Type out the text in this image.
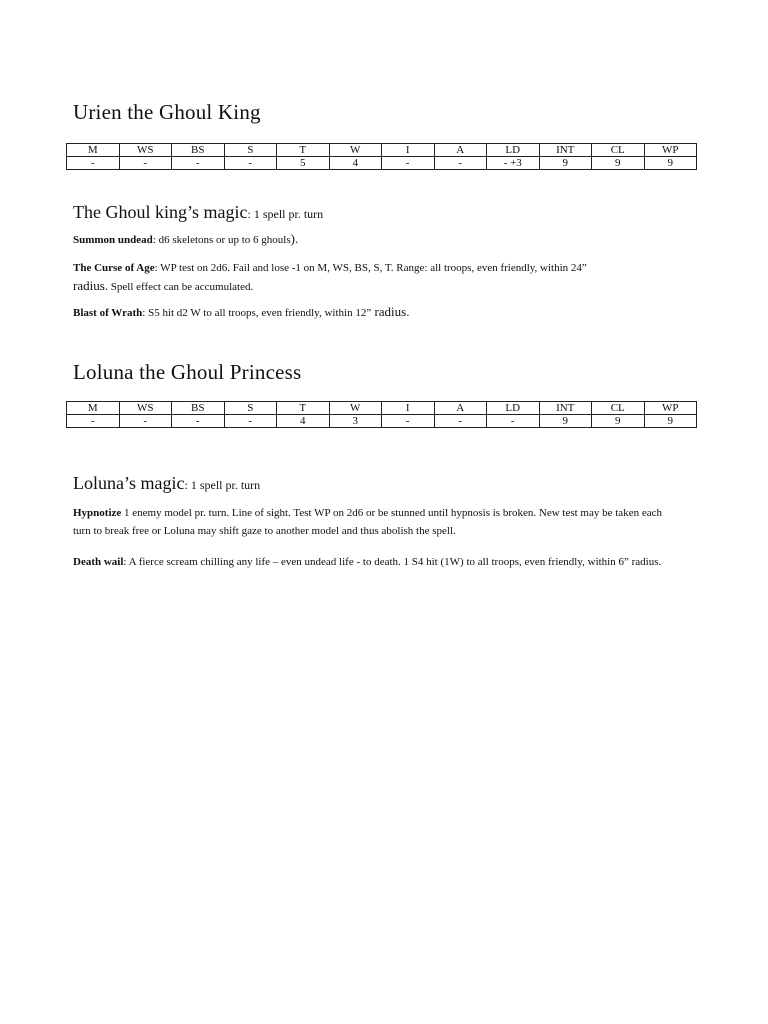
Urien the Ghoul King
M	WS	BS	S	T	W	I	A	LD	INT	CL	WP
-	-	-	-	5	4	-	-	- +3	9	9	9
The Ghoul king’s magic: 1 spell pr. turn

Summon undead: d6 skeletons or up to 6 ghouls).

The Curse of Age: WP test on 2d6. Fail and lose -1 on M, WS, BS, S, T. Range: all troops, even friendly, within 24”
radius. Spell effect can be accumulated.

Blast of Wrath: S5 hit d2 W to all troops, even friendly, within 12” radius.

Loluna the Ghoul Princess
M	WS	BS	S	T	W	I	A	LD	INT	CL	WP
-	-	-	-	4	3	-	-	-	9	9	9
Loluna’s magic: 1 spell pr. turn

Hypnotize 1 enemy model pr. turn. Line of sight. Test WP on 2d6 or be stunned until hypnosis is broken. New test may be taken each turn to break free or Loluna may shift gaze to another model and thus abolish the spell.

Death wail: A fierce scream chilling any life – even undead life - to death. 1 S4 hit (1W) to all troops, even friendly, within 6” radius.
